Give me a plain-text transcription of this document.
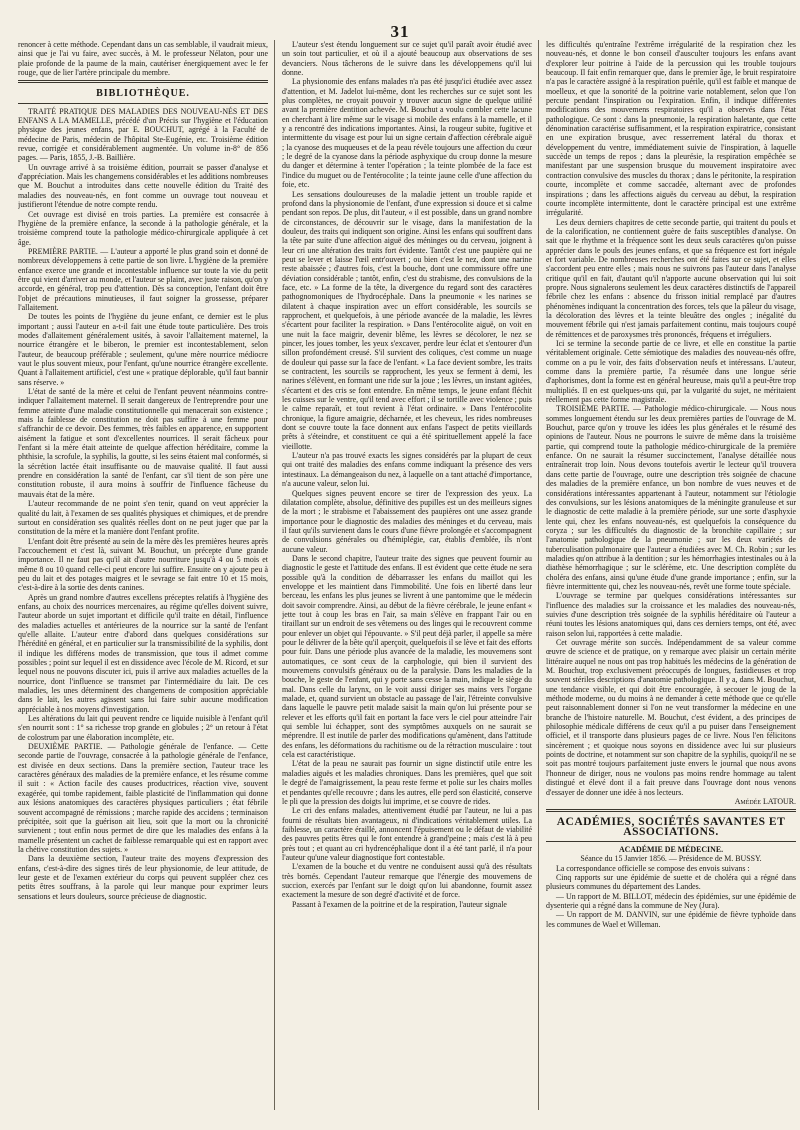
31

renoncer à cette méthode. Cependant dans un cas semblable, il vaudrait mieux, ainsi que je l'ai vu faire, avec succès, à M. le professeur Nélaton, pour une plaie profonde de la paume de la main, cautériser énergiquement avec le fer rouge, que de lier l'artère principale du membre.

BIBLIOTHÈQUE.

TRAITÉ PRATIQUE DES MALADIES DES NOUVEAU-NÉS ET DES ENFANS A LA MAMELLE, précédé d'un Précis sur l'hygiène et l'éducation physique des jeunes enfans, par E. BOUCHUT, agrégé à la Faculté de médecine de Paris, médecin de l'hôpital Ste-Eugénie, etc. Troisième édition revue, corrigée et considérablement augmentée. Un volume in-8° de 856 pages. — Paris, 1855, J.-B. Baillière.

Un ouvrage arrivé à sa troisième édition, pourrait se passer d'analyse et d'appréciation. Mais les changemens considérables et les additions nombreuses que M. Bouchut a introduites dans cette nouvelle édition du Traité des maladies des nouveau-nés, en font comme un ouvrage tout nouveau et justifieront l'étendue de notre compte rendu.

Cet ouvrage est divisé en trois parties. La première est consacrée à l'hygiène de la première enfance, la seconde à la pathologie générale, et la troisième comprend toute la pathologie médico-chirurgicale appliquée à cet âge.

PREMIÈRE PARTIE. — L'auteur a apporté le plus grand soin et donné de nombreux développemens à cette partie de son livre. L'hygiène de la première enfance exerce une grande et incontestable influence sur toute la vie du petit être qui vient d'arriver au monde, et l'auteur se plaint, avec juste raison, qu'on y accorde, en général, trop peu d'attention. Dès sa conception, l'enfant doit être l'objet de précautions minutieuses, il faut soigner la grossesse, préparer l'allaitement.

De toutes les points de l'hygiène du jeune enfant, ce dernier est le plus important ; aussi l'auteur en a-t-il fait une étude toute particulière. Des trois modes d'allaitement généralement usités, à savoir l'allaitement maternel, la nourrice étrangère et le biberon, le premier est incontestablement, selon l'auteur, de beaucoup préférable ; seulement, qu'une mère nourrice médiocre vaut le plus souvent mieux, pour l'enfant, qu'une nourrice étrangère excellente. Quant à l'allaitement artificiel, c'est une « pratique déplorable, qu'il faut bannir sans réserve. »

L'état de santé de la mère et celui de l'enfant peuvent néanmoins contre-indiquer l'allaitement maternel. Il serait dangereux de l'entreprendre pour une femme atteinte d'une maladie constitutionnelle qui menacerait son existence ; mais la faiblesse de constitution ne doit pas suffire à une femme pour s'affranchir de ce devoir. Des femmes, très faibles en apparence, en supportent aisément la fatigue et sont d'excellentes nourrices. Il serait fâcheux pour l'enfant si la mère était atteinte de quelque affection héréditaire, comme la phthisie, la scrofule, la syphilis, la goutte, si les seins étaient mal conformés, si la sécrétion lactée était insuffisante ou de mauvaise qualité. Il faut aussi prendre en considération la santé de l'enfant, car s'il tient de son père une constitution robuste, il aura moins à souffrir de l'influence fâcheuse du mauvais état de la mère.

L'auteur recommande de ne point s'en tenir, quand on veut apprécier la qualité du lait, à l'examen de ses qualités physiques et chimiques, et de prendre surtout en considération ses qualités réelles dont on ne peut juger que par la constitution de la mère et la manière dont l'enfant profite.

L'enfant doit être présenté au sein de la mère dès les premières heures après l'accouchement et c'est là, suivant M. Bouchut, un précepte d'une grande importance. Il ne faut pas qu'il ait d'autre nourriture jusqu'à 4 ou 5 mois et même 8 ou 10 quand celle-ci peut encore lui suffire. Ensuite on y ajoute peu à peu du lait et des potages maigres et le sevrage se fait entre 10 et 15 mois, c'est-à-dire à la sortie des dents canines.

Après un grand nombre d'autres excellens préceptes relatifs à l'hygiène des enfans, au choix des nourrices mercenaires, au régime qu'elles doivent suivre, l'auteur aborde un sujet important et difficile qu'il traite en détail, l'influence des maladies actuelles et antérieures de la nourrice sur la santé de l'enfant qu'elle allaite. L'auteur entre d'abord dans quelques considérations sur l'hérédité en général, et en particulier sur la transmissibilité de la syphilis, dont il indique les différens modes de transmission, que tous il admet comme possibles ; point sur lequel il est en dissidence avec l'école de M. Ricord, et sur lequel nous ne pouvons discuter ici, puis il arrive aux maladies actuelles de la nourrice, dont l'influence se transmet par l'intermédiaire du lait. De ces maladies, les unes déterminent des changemens de composition appréciable dans le lait, les autres agissent sans lui faire subir aucune modification appréciable à nos moyens d'investigation.

Les altérations du lait qui peuvent rendre ce liquide nuisible à l'enfant qu'il s'en nourrit sont : 1° sa richesse trop grande en globules ; 2° un retour à l'état de colostrum par une élaboration incomplète, etc.

DEUXIÈME PARTIE. — Pathologie générale de l'enfance. — Cette seconde partie de l'ouvrage, consacrée à la pathologie générale de l'enfance, est divisée en deux sections. Dans la première section, l'auteur trace les caractères généraux des maladies de la première enfance, et les résume comme il suit : « Action facile des causes productrices, réaction vive, souvent exagérée, qui tombe rapidement, faible plasticité de l'inflammation qui donne aux lésions anatomiques des caractères physiques particuliers ; état fébrile souvent accompagné de rémissions ; marche rapide des accidens ; terminaison précipitée, soit que la guérison ait lieu, soit que la mort ou la chronicité survienent ; tout enfin nous permet de dire que les maladies des enfans à la mamelle présentent un cachet de faiblesse remarquable qui est en rapport avec la chétive constitution des sujets. »

Dans la deuxième section, l'auteur traite des moyens d'expression des enfans, c'est-à-dire des signes tirés de leur physionomie, de leur attitude, de leur geste et de l'examen extérieur du corps qui peuvent suppléer chez ces petits êtres souffrans, à la parole qui leur manque pour exprimer leurs sensations et leurs douleurs, source précieuse de diagnostic.

L'auteur s'est étendu longuement sur ce sujet qu'il paraît avoir étudié avec un soin tout particulier, et où il a ajouté beaucoup aux observations de ses devanciers. Nous tâcherons de le suivre dans les développemens qu'il lui donne.

La physionomie des enfans malades n'a pas été jusqu'ici étudiée avec assez d'attention, et M. Jadelot lui-même, dont les recherches sur ce sujet sont les plus complètes, ne croyait pouvoir y trouver aucun signe de quelque utilité avant la première dentition achevée. M. Bouchut a voulu combler cette lacune en cherchant à lire même sur le visage si mobile des enfans à la mamelle, et il y a rencontré des indications importantes. Ainsi, la rougeur subite, fugitive et intermittente du visage est pour lui un signe certain d'affection cérébrale aiguë ; la cyanose des muqueuses et de la peau révèle toujours une affection du cœur ; le degré de la cyanose dans la période asphyxique du croup donne la mesure du danger et détermine à tenter l'opération ; la teinte plombée de la face est l'indice du muguet ou de l'entérocolite ; la teinte jaune celle d'une affection du foie, etc.

Les sensations douloureuses de la maladie jettent un trouble rapide et profond dans la physionomie de l'enfant, d'une expression si douce et si calme pendant son repos. De plus, dit l'auteur, « il est possible, dans un grand nombre de circonstances, de découvrir sur le visage, dans la manifestation de la douleur, des traits qui indiquent son origine. Ainsi les enfans qui souffrent dans la tête par suite d'une affection aiguë des méninges ou du cerveau, joignent à leur cri une altération des traits fort évidente. Tantôt c'est une paupière qui ne peut se lever et laisse l'œil entr'ouvert ; ou bien c'est le nez, dont une narine reste abaissée ; d'autres fois, c'est la bouche, dont une commissure offre une déviation considérable ; tantôt, enfin, c'est du strabisme, des convulsions de la face, etc. » La forme de la tête, la divergence du regard sont des caractères pathognomoniques de l'hydrocéphale. Dans la pneumonie « les narines se dilatent à chaque inspiration avec un effort considérable, les sourcils se rapprochent, et quelquefois, à une période avancée de la maladie, les lèvres s'écartent pour faciliter la respiration. » Dans l'entérocolite aiguë, on voit en une nuit la face maigrir, devenir blême, les lèvres se décolorer, le nez se pincer, les joues tomber, les yeux s'excaver, perdre leur éclat et s'entourer d'un sillon profondément creusé. S'il survient des coliques, c'est comme un nuage de douleur qui passe sur la face de l'enfant. « La face devient sombre, les traits se contractent, les sourcils se rapprochent, les yeux se ferment à demi, les narines s'élèvent, en formant une ride sur la joue ; les lèvres, un instant agitées, s'écartent et des cris se font entendre. En même temps, le jeune enfant fléchit les cuisses sur le ventre, qu'il tend avec effort ; il se tortille avec violence ; puis le calme reparaît, et tout revient à l'état ordinaire. » Dans l'entérocolite chronique, la figure amaigrie, décharnée, et les cheveux, les rides nombreuses dont se couvre toute la face donnent aux enfans l'aspect de petits vieillards prêts à s'éteindre, et constituent ce qui a été spirituellement appelé la face vieillotte.

L'auteur n'a pas trouvé exacts les signes considérés par la plupart de ceux qui ont traité des maladies des enfans comme indiquant la présence des vers intestinaux. La démangeaison du nez, à laquelle on a tant attaché d'importance, n'a aucune valeur, selon lui.

Quelques signes peuvent encore se tirer de l'expression des yeux. La dilatation complète, absolue, définitive des pupilles est un des meilleurs signes de la mort ; le strabisme et l'abaissement des paupières ont une assez grande importance pour le diagnostic des maladies des méninges et du cerveau, mais il faut qu'ils survienent dans le cours d'une fièvre prolongée et s'accompagnent de convulsions générales ou d'hémiplégie, car, établis d'emblée, ils n'ont aucune valeur.

Dans le second chapitre, l'auteur traite des signes que peuvent fournir au diagnostic le geste et l'attitude des enfans. Il est évident que cette étude ne sera possible qu'à la condition de débarrasser les enfans du maillot qui les enveloppe et les maintient dans l'immobilité. Une fois en liberté dans leur berceau, les enfans les plus jeunes se livrent à une pantomime que le médecin doit savoir comprendre. Ainsi, au début de la fièvre cérébrale, le jeune enfant « jette tout à coup les bras en l'air, sa main s'élève en frappant l'air ou en tiraillant sur un endroit de ses vêtemens ou des linges qui le recouvrent comme pour enlever un objet qui l'épouvante. » S'il peut déjà parler, il appelle sa mère pour le délivrer de la bête qu'il aperçoit, quelquefois il se lève et fait des efforts pour fuir. Dans une période plus avancée de la maladie, les mouvemens sont automatiques, ce sont ceux de la carphologie, qui bien il survient des mouvemens convulsifs généraux ou de la paralysie. Dans les maladies de la bouche, le geste de l'enfant, qui y porte sans cesse la main, indique le siège du mal. Dans celle du larynx, on le voit aussi diriger ses mains vers l'organe malade, et, quand survient un obstacle au passage de l'air, l'étreinte convulsive dans laquelle le pauvre petit malade saisit la main qu'on lui présente pour se relever et les efforts qu'il fait en portant la face vers le ciel pour atteindre l'air qui semble lui échapper, sont des symptômes auxquels on ne saurait se méprendre. Il est inutile de parler des modifications qu'amènent, dans l'attitude des enfans, les déformations du rachitisme ou de la rétraction musculaire : tout cela est caractéristique.

L'état de la peau ne saurait pas fournir un signe distinctif utile entre les maladies aiguës et les maladies chroniques. Dans les premières, quel que soit le degré de l'amaigrissement, la peau reste ferme et polie sur les chairs molles et pendantes qu'elle recouvre ; dans les autres, elle perd son élasticité, conserve le pli que la pression des doigts lui imprime, et se couvre de rides.

Le cri des enfans malades, attentivement étudié par l'auteur, ne lui a pas fourni de résultats bien avantageux, ni d'indications véritablement utiles. La faiblesse, un caractère éraillé, annoncent l'épuisement ou le défaut de viabilité des pauvres petits êtres qui le font entendre à grand'peine ; mais c'est là à peu près tout ; et quant au cri hydrencéphalique dont il a été tant parlé, il n'a pour l'auteur qu'une valeur diagnostique fort contestable.

L'examen de la bouche et du ventre ne conduisent aussi qu'à des résultats très bornés. Cependant l'auteur remarque que l'énergie des mouvemens de succion, exercés par l'enfant sur le doigt qu'on lui abandonne, fournit assez exactement la mesure de son degré d'activité et de force.

Passant à l'examen de la poitrine et de la respiration, l'auteur signale

les difficultés qu'entraîne l'extrême irrégularité de la respiration chez les nouveau-nés, et donne le bon conseil d'ausculter toujours les enfans avant d'explorer leur poitrine à l'aide de la percussion qui les trouble toujours beaucoup. Il fait enfin remarquer que, dans le premier âge, le bruit respiratoire n'a pas le caractère assigné à la respiration puérile, qu'il est faible et manque de moelleux, et que la sonorité de la poitrine varie notablement, selon que l'on percute pendant l'inspiration ou l'expiration. Enfin, il indique différentes modifications des mouvemens respiratoires qu'il a observés dans l'état pathologique. Ce sont : dans la pneumonie, la respiration haletante, que cette dénomination caractérise suffisamment, et la respiration expiratrice, consistant en une expiration brusque, avec resserrement latéral du thorax et développement du ventre, immédiatement suivie de l'inspiration, à laquelle succède un temps de repos ; dans la pleurésie, la respiration empêchée se manifestant par une suspension brusque du mouvement inspiratoire avec contraction convulsive des muscles du thorax ; dans le péritonite, la respiration courte, incomplète et comme saccadée, alternant avec de profondes inspirations ; dans les affections aiguës du cerveau au début, la respiration courte incomplète intermittente, dont le caractère principal est une extrême irrégularité.

Les deux derniers chapitres de cette seconde partie, qui traitent du pouls et de la calorification, ne contiennent guère de faits susceptibles d'analyse. On sait que le rhythme et la fréquence sont les deux seuls caractères qu'on puisse apprécier dans le pouls des jeunes enfans, et que sa fréquence est fort inégale et fort variable. De nombreuses recherches ont été faites sur ce sujet, et elles s'accordent peu entre elles ; mais nous ne suivrons pas l'auteur dans l'analyse critique qu'il en fait, d'autant qu'il n'apporte aucune observation qui lui soit propre. Nous signalerons seulement les deux caractères distinctifs de l'appareil fébrile chez les enfans : absence du frisson initial remplacé par d'autres phénomènes indiquant la concentration des forces, tels que la pâleur du visage, la décoloration des lèvres et la teinte bleuâtre des ongles ; inégalité du mouvement fébrile qui n'est jamais parfaitement continu, mais toujours coupé de rémittences et de paroxysmes très prononcés, fréquens et irréguliers.

Ici se termine la seconde partie de ce livre, et elle en constitue la partie véritablement originale. Cette sémiotique des maladies des nouveau-nés offre, comme on a pu le voir, des faits d'observation neufs et intéressans. L'auteur, comme dans la première partie, l'a résumée dans une longue série d'aphorismes, dont la forme est en général heureuse, mais qu'il a peut-être trop multipliés. Il en est quelques-uns qui, par la vulgarité du sujet, ne méritaient réellement pas cette forme magistrale.

TROISIÈME PARTIE. — Pathologie médico-chirurgicale. — Nous nous sommes longuement étendu sur les deux premières parties de l'ouvrage de M. Bouchut, parce qu'on y trouve les idées les plus générales et le résumé des opinions de l'auteur. Nous ne pourrons le suivre de même dans la troisième partie, qui comprend toute la pathologie médico-chirurgicale de la première enfance. On ne saurait la résumer succinctement, l'analyse détaillée nous entraînerait trop loin. Nous devons toutefois avertir le lecteur qu'il trouvera dans cette partie de l'ouvrage, outre une description très soignée de chacune des maladies de la première enfance, un bon nombre de vues neuves et de considérations intéressantes appartenant à l'auteur, notamment sur l'étiologie des convulsions, sur les lésions anatomiques de la méningite granuleuse et sur le diagnostic de cette maladie à la première période, sur une sorte d'asphyxie lente qui, chez les enfans nouveau-nés, est quelquefois la conséquence du coryza ; sur les difficultés du diagnostic de la bronchite capillaire ; sur l'anatomie pathologique de la pneumonie ; sur les deux variétés de tuberculisation pulmonaire que l'auteur a étudiées avec M. Ch. Robin ; sur les maladies qu'on attribue à la dentition ; sur les hémorrhagies intestinales ou à la diathèse hémorrhagique ; sur le sclérème, etc. Une description complète du choléra des enfans, ainsi qu'une étude d'une grande importance ; enfin, sur la fièvre intermittente qui, chez les nouveau-nés, revêt une forme toute spéciale.

L'ouvrage se termine par quelques considérations intéressantes sur l'influence des maladies sur la croissance et les maladies des nouveau-nés, suivies d'une description très soignée de la syphilis héréditaire où l'auteur a réuni toutes les lésions anatomiques qui, dans ces derniers temps, ont été, avec raison selon lui, rapportées à cette maladie.

Cet ouvrage mérite son succès. Indépendamment de sa valeur comme œuvre de science et de pratique, on y remarque avec plaisir un certain mérite littéraire auquel ne nous ont pas trop habitués les médecins de la génération de M. Bouchut, trop exclusivement préoccupés de longues, fastidieuses et trop souvent stériles descriptions d'anatomie pathologique. Il y a, dans M. Bouchut, une tendance visible, et qui doit être encouragée, à secouer le joug de la méthode moderne, ou du moins à ne demander à cette méthode que ce qu'elle peut raisonnablement donner si l'on ne veut transformer la médecine en une branche de l'histoire naturelle. M. Bouchut, c'est évident, a des principes de philosophie médicale différens de ceux qu'il a pu puiser dans l'enseignement officiel, et il transporte dans plusieurs pages de ce livre. Nous l'en félicitons sincèrement ; et quoique nous soyons en dissidence avec lui sur plusieurs points de doctrine, et notamment sur son chapitre de la syphilis, quoiqu'il ne se soit pas montré toujours parfaitement juste envers le journal que nous avons l'honneur de diriger, nous ne voulons pas moins rendre hommage au talent distingué et élevé dont il a fait preuve dans l'ouvrage dont nous venons d'essayer de donner une idée à nos lecteurs.

Amédée LATOUR.

ACADÉMIES, SOCIÉTÉS SAVANTES ET ASSOCIATIONS.

ACADÉMIE DE MÉDECINE.

Séance du 15 Janvier 1856. — Présidence de M. BUSSY.

La correspondance officielle se compose des envois suivans :

Cinq rapports sur une épidémie de suette et de choléra qui a régné dans plusieurs communes du département des Landes.

— Un rapport de M. BILLOT, médecin des épidémies, sur une épidémie de dysenterie qui a régné dans la commune de Ney (Jura).

— Un rapport de M. DANVIN, sur une épidémie de fièvre typhoïde dans les communes de Wael et Willeman.
